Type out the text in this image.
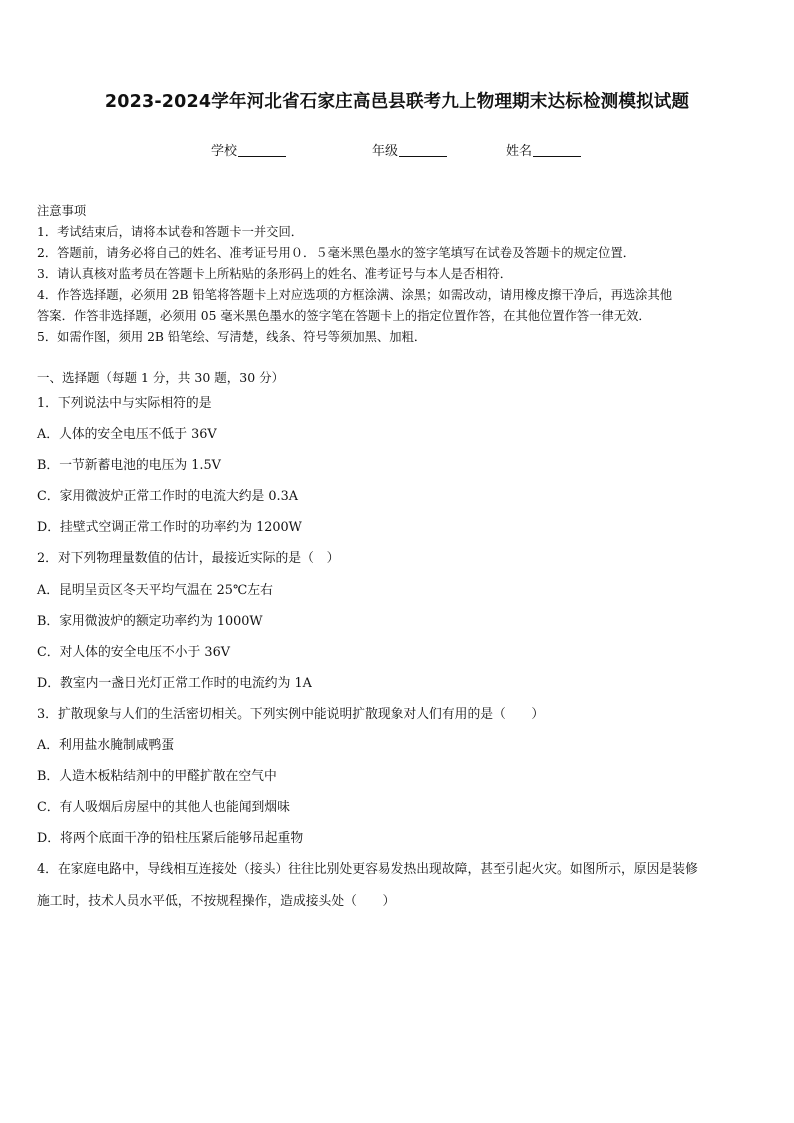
2023-2024学年河北省石家庄高邑县联考九上物理期末达标检测模拟试题
学校	年级	姓名
注意事项
1．考试结束后，请将本试卷和答题卡一并交回．
2．答题前，请务必将自己的姓名、准考证号用０．５毫米黑色墨水的签字笔填写在试卷及答题卡的规定位置．
3．请认真核对监考员在答题卡上所粘贴的条形码上的姓名、准考证号与本人是否相符．
4．作答选择题，必须用 2B 铅笔将答题卡上对应选项的方框涂满、涂黑；如需改动，请用橡皮擦干净后，再选涂其他
答案．作答非选择题，必须用 05 毫米黑色墨水的签字笔在答题卡上的指定位置作答，在其他位置作答一律无效．
5．如需作图，须用 2B 铅笔绘、写清楚，线条、符号等须加黑、加粗．
一、选择题（每题 1 分，共 30 题，30 分）
1．下列说法中与实际相符的是
A．人体的安全电压不低于 36V
B．一节新蓄电池的电压为 1.5V
C．家用微波炉正常工作时的电流大约是 0.3A
D．挂壁式空调正常工作时的功率约为 1200W
2．对下列物理量数值的估计，最接近实际的是（　）
A．昆明呈贡区冬天平均气温在 25℃左右
B．家用微波炉的额定功率约为 1000W
C．对人体的安全电压不小于 36V
D．教室内一盏日光灯正常工作时的电流约为 1A
3．扩散现象与人们的生活密切相关。下列实例中能说明扩散现象对人们有用的是（　　）
A．利用盐水腌制咸鸭蛋
B．人造木板粘结剂中的甲醛扩散在空气中
C．有人吸烟后房屋中的其他人也能闻到烟味
D．将两个底面干净的铅柱压紧后能够吊起重物
4．在家庭电路中，导线相互连接处（接头）往往比别处更容易发热出现故障，甚至引起火灾。如图所示，原因是装修
施工时，技术人员水平低，不按规程操作，造成接头处（　　）
